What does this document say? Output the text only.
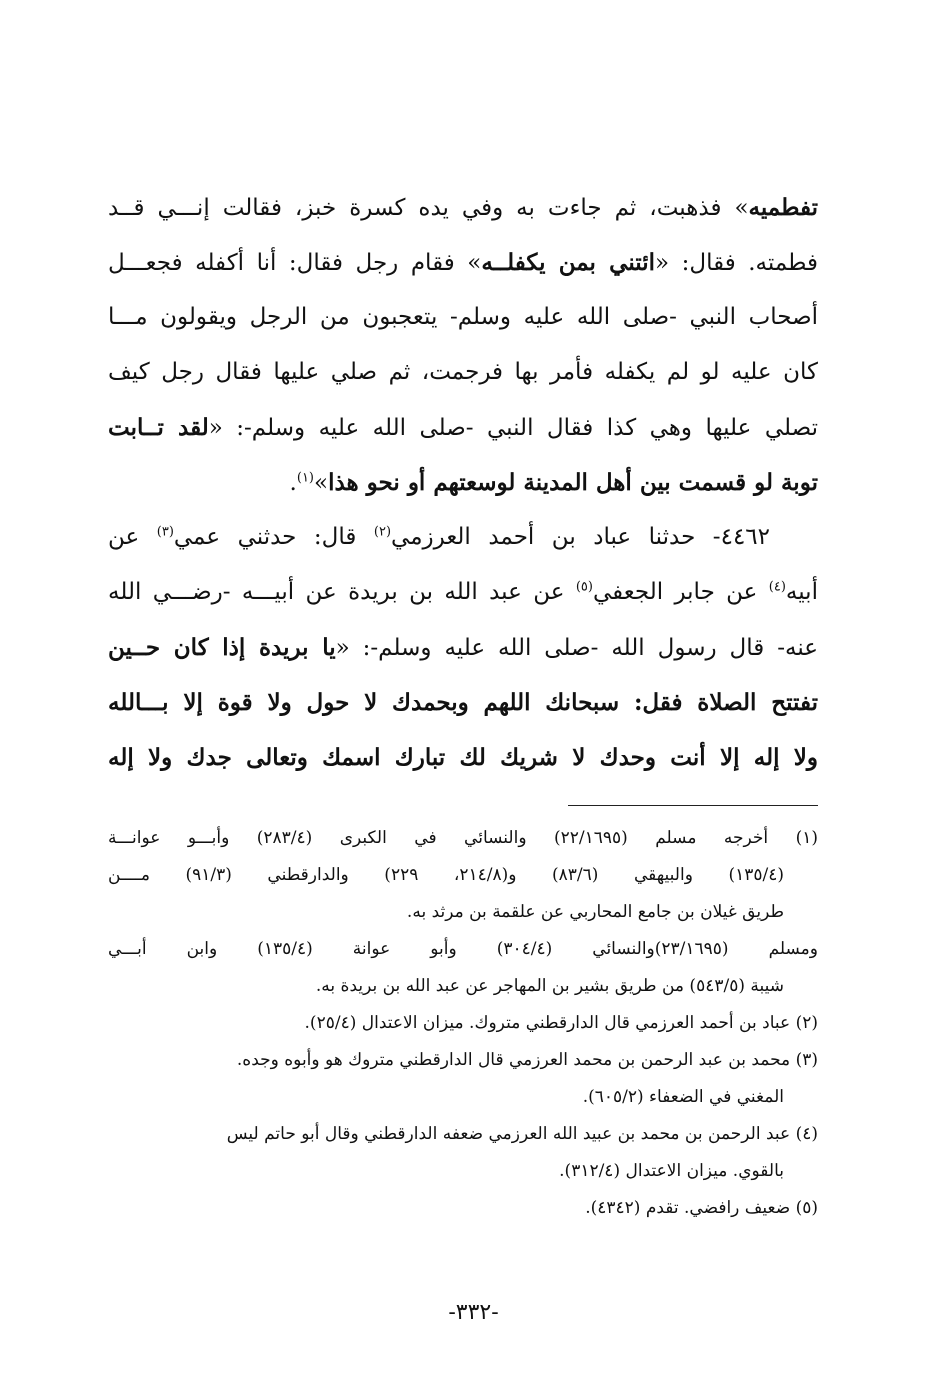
تفطميه» فذهبت، ثم جاءت به وفي يده كسرة خبز، فقالت إنـــي قــد
فطمته. فقال: «ائتني بمن يكفلــه» فقام رجل فقال: أنا أكفله فجعـــل
أصحاب النبي -صلى الله عليه وسلم- يتعجبون من الرجل ويقولون مـــا
كان عليه لو لم يكفله فأمر بها فرجمت، ثم صلي عليها فقال رجل كيف
تصلي عليها وهي كذا فقال النبي -صلى الله عليه وسلم-: «لقد تــابت
توبة لو قسمت بين أهل المدينة لوسعتهم أو نحو هذا»$^{(١)}$.
٤٤٦٢- حدثنا عباد بن أحمد العرزمي$^{(٢)}$ قال: حدثني عمي$^{(٣)}$ عن
أبيه$^{(٤)}$ عن جابر الجعفي$^{(٥)}$ عن عبد الله بن بريدة عن أبيـــه -رضـــي الله
عنه- قال رسول الله -صلى الله عليه وسلم-: «يا بريدة إذا كان حــين
تفتتح الصلاة فقل: سبحانك اللهم وبحمدك لا حول ولا قوة إلا بـــالله
ولا إله إلا أنت وحدك لا شريك لك تبارك اسمك وتعالى جدك ولا إله
(١) أخرجه مسلم (٢٢/١٦٩٥) والنسائي في الكبرى (٢٨٣/٤) وأبـــو عوانـــة
(١٣٥/٤) والبيهقي (٨٣/٦) و(٢١٤/٨، ٢٢٩) والدارقطني (٩١/٣) مــــن
طريق غيلان بن جامع المحاربي عن علقمة بن مرثد به.
ومسلم (٢٣/١٦٩٥)والنسائي (٣٠٤/٤) وأبو عوانة (١٣٥/٤) وابن أبـــي
شيبة (٥٤٣/٥) من طريق بشير بن المهاجر عن عبد الله بن بريدة به.
(٢) عباد بن أحمد العرزمي قال الدارقطني متروك. ميزان الاعتدال (٢٥/٤).
(٣) محمد بن عبد الرحمن بن محمد العرزمي قال الدارقطني متروك هو وأبوه وجده.
المغني في الضعفاء (٦٠٥/٢).
(٤) عبد الرحمن بن محمد بن عبيد الله العرزمي ضعفه الدارقطني وقال أبو حاتم ليس
بالقوي. ميزان الاعتدال (٣١٢/٤).
(٥) ضعيف رافضي. تقدم (٤٣٤٢).
-٣٣٢-
